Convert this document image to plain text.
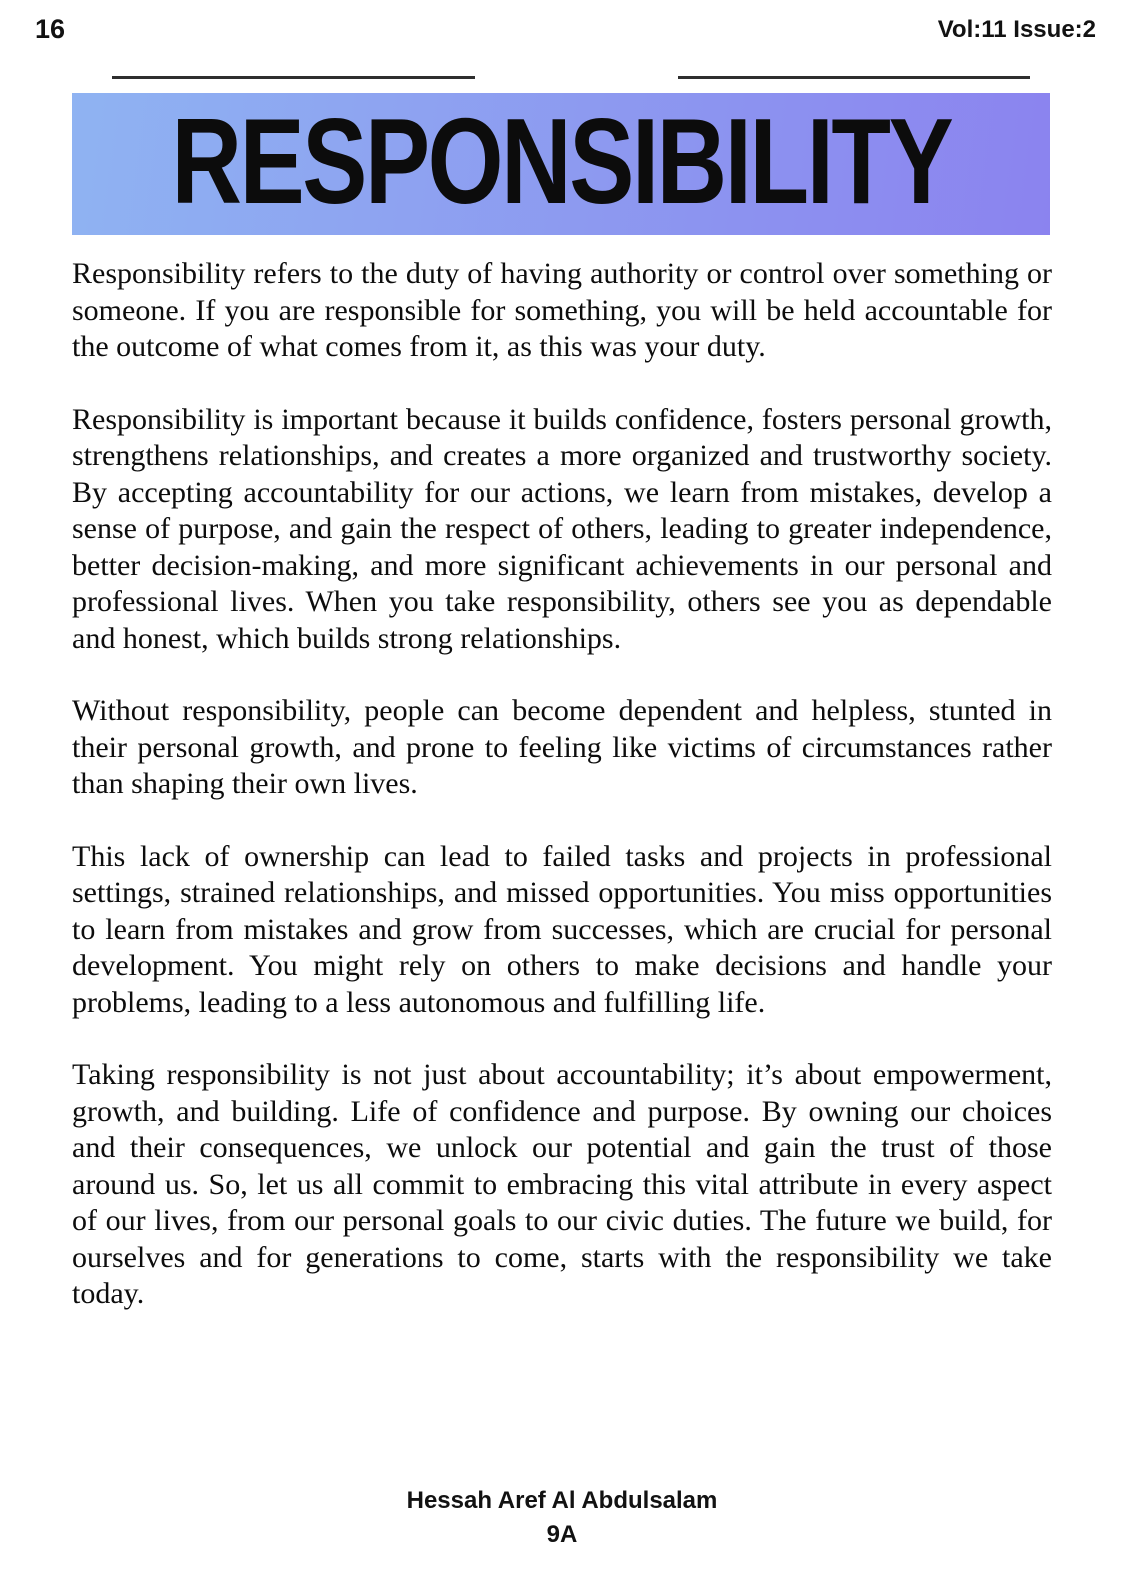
16	Vol:11 Issue:2
RESPONSIBILITY

Responsibility refers to the duty of having authority or control over something or someone. If you are responsible for something, you will be held accountable for the outcome of what comes from it, as this was your duty.

Responsibility is important because it builds confidence, fosters personal growth, strengthens relationships, and creates a more organized and trustworthy society. By accepting accountability for our actions, we learn from mistakes, develop a sense of purpose, and gain the respect of others, leading to greater independence, better decision-making, and more significant achievements in our personal and professional lives. When you take responsibility, others see you as dependable and honest, which builds strong relationships.

Without responsibility, people can become dependent and helpless, stunted in their personal growth, and prone to feeling like victims of circumstances rather than shaping their own lives.

This lack of ownership can lead to failed tasks and projects in professional settings, strained relationships, and missed opportunities. You miss opportunities to learn from mistakes and grow from successes, which are crucial for personal development. You might rely on others to make decisions and handle your problems, leading to a less autonomous and fulfilling life.

Taking responsibility is not just about accountability; it’s about empowerment, growth, and building. Life of confidence and purpose. By owning our choices and their consequences, we unlock our potential and gain the trust of those around us. So, let us all commit to embracing this vital attribute in every aspect of our lives, from our personal goals to our civic duties. The future we build, for ourselves and for generations to come, starts with the responsibility we take today.

Hessah Aref Al Abdulsalam
9A
